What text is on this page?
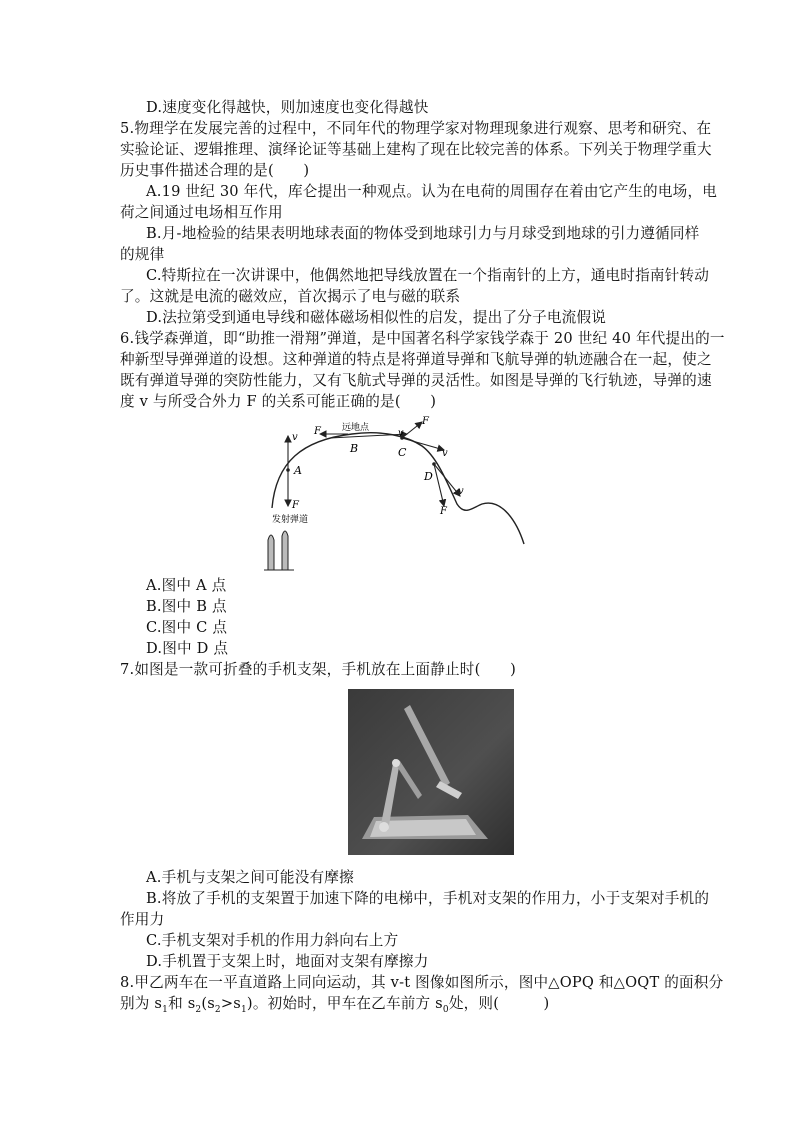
D.速度变化得越快，则加速度也变化得越快
5.物理学在发展完善的过程中，不同年代的物理学家对物理现象进行观察、思考和研究、在
实验论证、逻辑推理、演绎论证等基础上建构了现在比较完善的体系。下列关于物理学重大
历史事件描述合理的是(　　)
A.19 世纪 30 年代，库仑提出一种观点。认为在电荷的周围存在着由它产生的电场，电
荷之间通过电场相互作用
B.月-地检验的结果表明地球表面的物体受到地球引力与月球受到地球的引力遵循同样
的规律
C.特斯拉在一次讲课中，他偶然地把导线放置在一个指南针的上方，通电时指南针转动
了。这就是电流的磁效应，首次揭示了电与磁的联系
D.法拉第受到通电导线和磁体磁场相似性的启发，提出了分子电流假说
6.钱学森弹道，即“助推一滑翔”弹道，是中国著名科学家钱学森于 20 世纪 40 年代提出的一
种新型导弹弹道的设想。这种弹道的特点是将弹道导弹和飞航导弹的轨迹融合在一起，使之
既有弹道导弹的突防性能力，又有飞航式导弹的灵活性。如图是导弹的飞行轨迹，导弹的速
度 v 与所受合外力 F 的关系可能正确的是(　　)
v
A
F
F 远地点
B
v
F
C	v
D
v
F
发射弹道
A.图中 A 点
B.图中 B 点
C.图中 C 点
D.图中 D 点
7.如图是一款可折叠的手机支架，手机放在上面静止时(　　)
A.手机与支架之间可能没有摩擦
B.将放了手机的支架置于加速下降的电梯中，手机对支架的作用力，小于支架对手机的
作用力
C.手机支架对手机的作用力斜向右上方
D.手机置于支架上时，地面对支架有摩擦力
8.甲乙两车在一平直道路上同向运动，其 v-t 图像如图所示，图中△OPQ 和△OQT 的面积分
别为 $s_1$和 $s_2(s_2>s_1)$。初始时，甲车在乙车前方 $s_0$处，则(　　　)
